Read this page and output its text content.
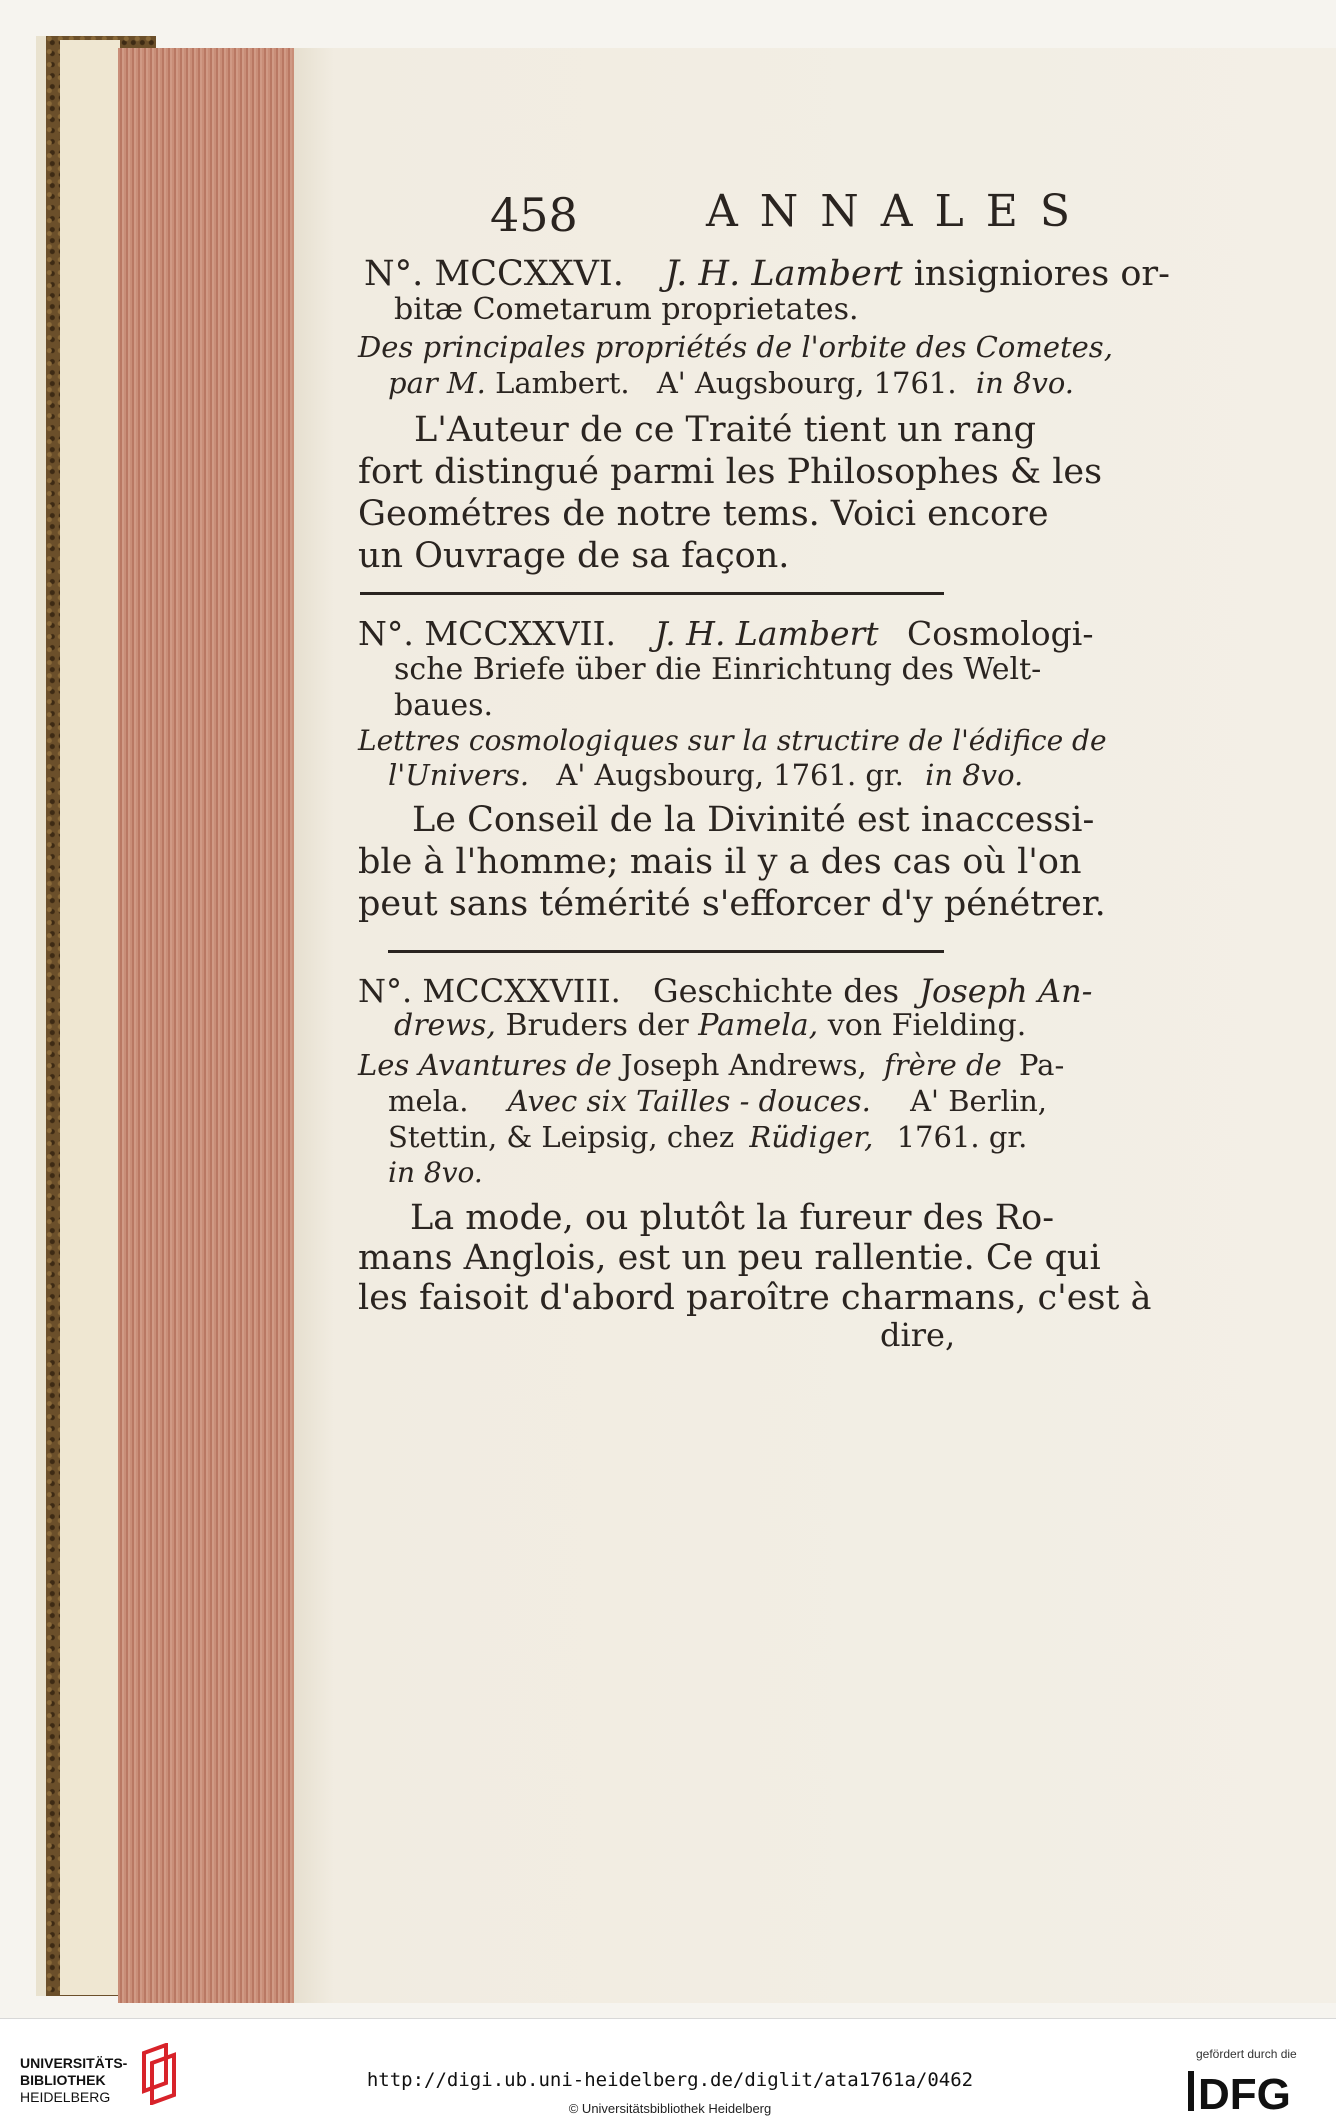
458	ANNALES
N°. MCCXXVI. J. H. Lambert insigniores or-
bitæ Cometarum proprietates.
Des principales propriétés de l'orbite des Cometes,
par M. Lambert. A' Augsbourg, 1761. in 8vo.
L'Auteur de ce Traité tient un rang
fort distingué parmi les Philosophes & les
Geométres de notre tems. Voici encore
un Ouvrage de sa façon.
N°. MCCXXVII. J. H. Lambert Cosmologi-
sche Briefe über die Einrichtung des Welt-
baues.
Lettres cosmologiques sur la structire de l'édifice de
l'Univers. A' Augsbourg, 1761. gr. in 8vo.
Le Conseil de la Divinité est inaccessi-
ble à l'homme; mais il y a des cas où l'on
peut sans témérité s'efforcer d'y pénétrer.
N°. MCCXXVIII. Geschichte des Joseph An-
drews, Bruders der Pamela, von Fielding.
Les Avantures de Joseph Andrews, frère de Pa-
mela. Avec six Tailles - douces. A' Berlin,
Stettin, & Leipsig, chez Rüdiger, 1761. gr.
in 8vo.
La mode, ou plutôt la fureur des Ro-
mans Anglois, est un peu rallentie. Ce qui
les faisoit d'abord paroître charmans, c'est à
dire,
UNIVERSITÄTS-
BIBLIOTHEK
HEIDELBERG
http://digi.ub.uni-heidelberg.de/diglit/ata1761a/0462
© Universitätsbibliothek Heidelberg
gefördert durch die
DFG
